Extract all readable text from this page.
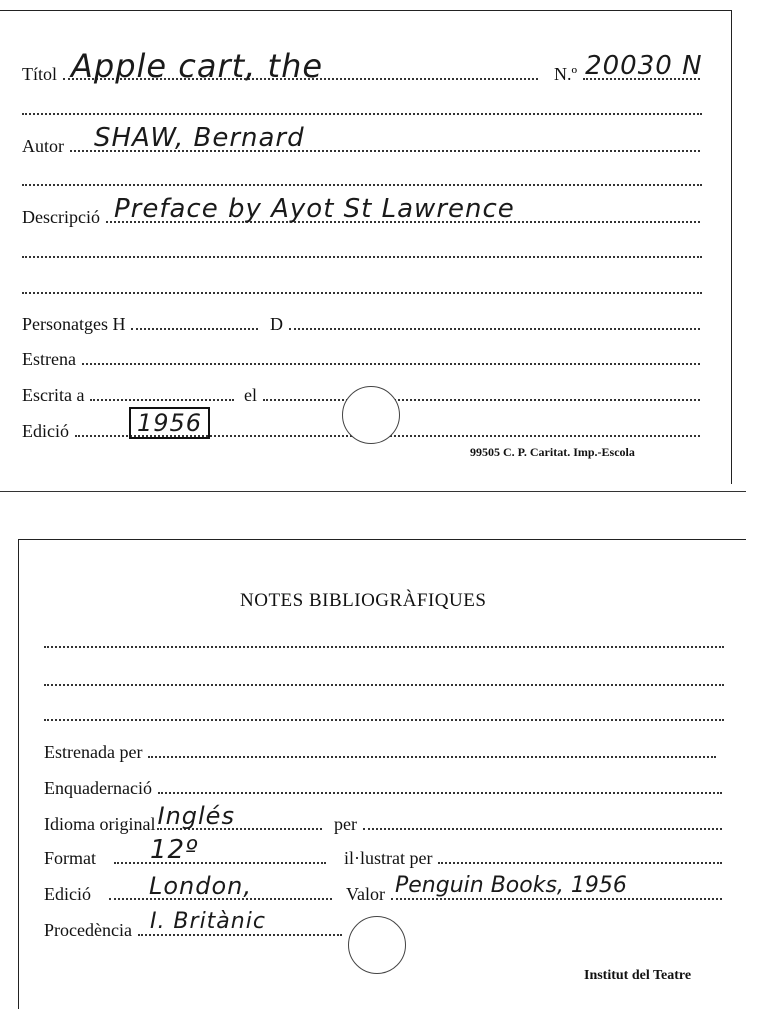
Títol Apple cart, the	N.º 20030 N
Autor SHAW, Bernard
Descripció Preface by Ayot St Lawrence
Personatges H	D
Estrena
Escrita a	el
Edició	1956
99505 C. P. Caritat. Imp.-Escola
NOTES BIBLIOGRÀFIQUES
Estrenada per
Enquadernació
Idioma original Inglés	per
Format 12º	il·lustrat per
Edició London,	Valor Penguin Books, 1956
Procedència I. Britànic
Institut del Teatre
